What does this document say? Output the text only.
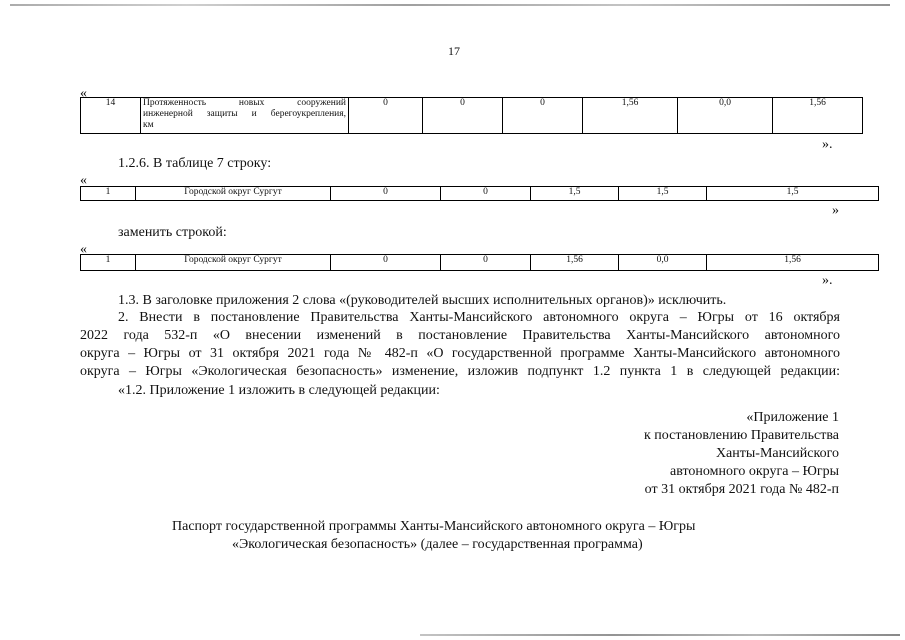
17
«
14	Протяженность новых сооружений
инженерной защиты и берегоукрепления,
км
	0	0	0	1,56	0,0	1,56
».
1.2.6. В таблице 7 строку:
«
1	Городской округ Сургут	0	0	1,5	1,5	1,5
»
заменить строкой:
«
1	Городской округ Сургут	0	0	1,56	0,0	1,56
».
1.3. В заголовке приложения 2 слова «(руководителей высших исполнительных органов)» исключить.
2. Внести в постановление Правительства Ханты-Мансийского автономного округа – Югры от 16 октября
2022 года 532-п «О внесении изменений в постановление Правительства Ханты-Мансийского автономного
округа – Югры от 31 октября 2021 года № 482-п «О государственной программе Ханты-Мансийского автономного
округа – Югры «Экологическая безопасность» изменение, изложив подпункт 1.2 пункта 1 в следующей редакции:
«1.2. Приложение 1 изложить в следующей редакции:
«Приложение 1
к постановлению Правительства
Ханты-Мансийского
автономного округа – Югры
от 31 октября 2021 года № 482-п
Паспорт государственной программы Ханты-Мансийского автономного округа – Югры
«Экологическая безопасность» (далее – государственная программа)
